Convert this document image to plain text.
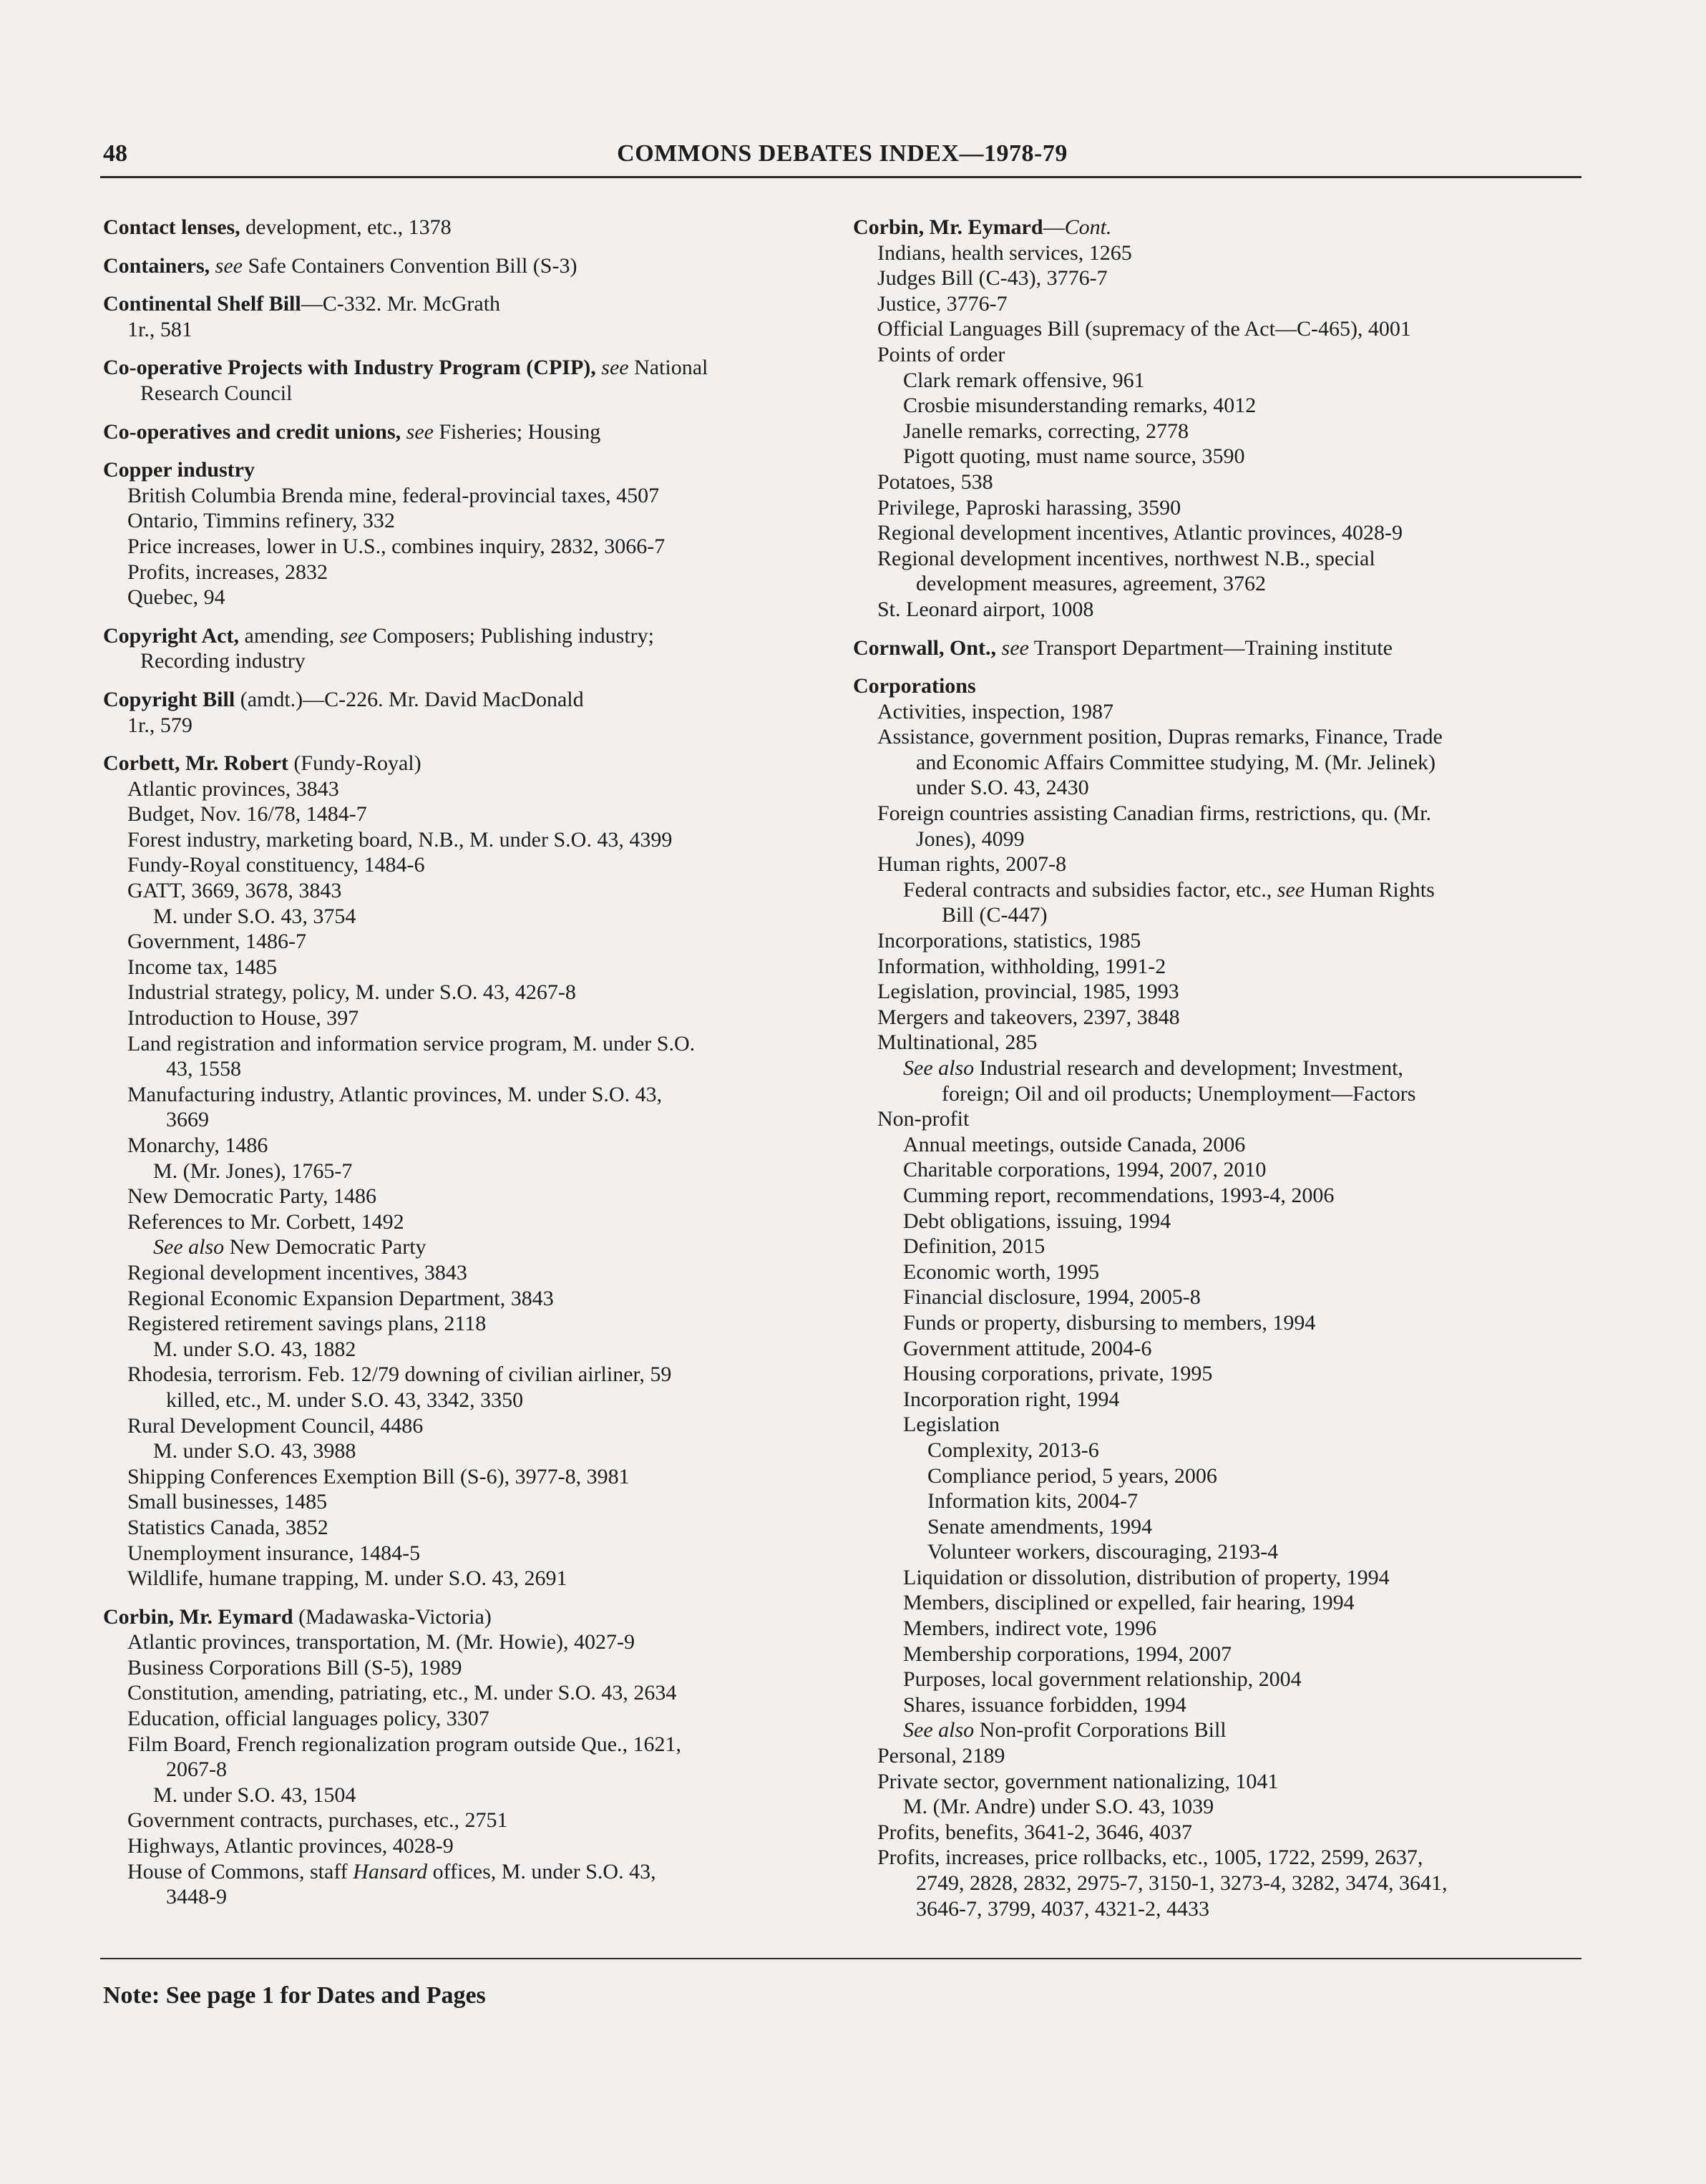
48	COMMONS DEBATES INDEX—1978-79
Contact lenses, development, etc., 1378
Containers, see Safe Containers Convention Bill (S-3)
Continental Shelf Bill—C-332. Mr. McGrath
1r., 581
Co-operative Projects with Industry Program (CPIP), see National
Research Council
Co-operatives and credit unions, see Fisheries; Housing
Copper industry
British Columbia Brenda mine, federal-provincial taxes, 4507
Ontario, Timmins refinery, 332
Price increases, lower in U.S., combines inquiry, 2832, 3066-7
Profits, increases, 2832
Quebec, 94
Copyright Act, amending, see Composers; Publishing industry;
Recording industry
Copyright Bill (amdt.)—C-226. Mr. David MacDonald
1r., 579
Corbett, Mr. Robert (Fundy-Royal)
Atlantic provinces, 3843
Budget, Nov. 16/78, 1484-7
Forest industry, marketing board, N.B., M. under S.O. 43, 4399
Fundy-Royal constituency, 1484-6
GATT, 3669, 3678, 3843
M. under S.O. 43, 3754
Government, 1486-7
Income tax, 1485
Industrial strategy, policy, M. under S.O. 43, 4267-8
Introduction to House, 397
Land registration and information service program, M. under S.O.
43, 1558
Manufacturing industry, Atlantic provinces, M. under S.O. 43,
3669
Monarchy, 1486
M. (Mr. Jones), 1765-7
New Democratic Party, 1486
References to Mr. Corbett, 1492
See also New Democratic Party
Regional development incentives, 3843
Regional Economic Expansion Department, 3843
Registered retirement savings plans, 2118
M. under S.O. 43, 1882
Rhodesia, terrorism. Feb. 12/79 downing of civilian airliner, 59
killed, etc., M. under S.O. 43, 3342, 3350
Rural Development Council, 4486
M. under S.O. 43, 3988
Shipping Conferences Exemption Bill (S-6), 3977-8, 3981
Small businesses, 1485
Statistics Canada, 3852
Unemployment insurance, 1484-5
Wildlife, humane trapping, M. under S.O. 43, 2691
Corbin, Mr. Eymard (Madawaska-Victoria)
Atlantic provinces, transportation, M. (Mr. Howie), 4027-9
Business Corporations Bill (S-5), 1989
Constitution, amending, patriating, etc., M. under S.O. 43, 2634
Education, official languages policy, 3307
Film Board, French regionalization program outside Que., 1621,
2067-8
M. under S.O. 43, 1504
Government contracts, purchases, etc., 2751
Highways, Atlantic provinces, 4028-9
House of Commons, staff Hansard offices, M. under S.O. 43,
3448-9
Corbin, Mr. Eymard—Cont.
Indians, health services, 1265
Judges Bill (C-43), 3776-7
Justice, 3776-7
Official Languages Bill (supremacy of the Act—C-465), 4001
Points of order
Clark remark offensive, 961
Crosbie misunderstanding remarks, 4012
Janelle remarks, correcting, 2778
Pigott quoting, must name source, 3590
Potatoes, 538
Privilege, Paproski harassing, 3590
Regional development incentives, Atlantic provinces, 4028-9
Regional development incentives, northwest N.B., special
development measures, agreement, 3762
St. Leonard airport, 1008
Cornwall, Ont., see Transport Department—Training institute
Corporations
Activities, inspection, 1987
Assistance, government position, Dupras remarks, Finance, Trade
and Economic Affairs Committee studying, M. (Mr. Jelinek)
under S.O. 43, 2430
Foreign countries assisting Canadian firms, restrictions, qu. (Mr.
Jones), 4099
Human rights, 2007-8
Federal contracts and subsidies factor, etc., see Human Rights
Bill (C-447)
Incorporations, statistics, 1985
Information, withholding, 1991-2
Legislation, provincial, 1985, 1993
Mergers and takeovers, 2397, 3848
Multinational, 285
See also Industrial research and development; Investment,
foreign; Oil and oil products; Unemployment—Factors
Non-profit
Annual meetings, outside Canada, 2006
Charitable corporations, 1994, 2007, 2010
Cumming report, recommendations, 1993-4, 2006
Debt obligations, issuing, 1994
Definition, 2015
Economic worth, 1995
Financial disclosure, 1994, 2005-8
Funds or property, disbursing to members, 1994
Government attitude, 2004-6
Housing corporations, private, 1995
Incorporation right, 1994
Legislation
Complexity, 2013-6
Compliance period, 5 years, 2006
Information kits, 2004-7
Senate amendments, 1994
Volunteer workers, discouraging, 2193-4
Liquidation or dissolution, distribution of property, 1994
Members, disciplined or expelled, fair hearing, 1994
Members, indirect vote, 1996
Membership corporations, 1994, 2007
Purposes, local government relationship, 2004
Shares, issuance forbidden, 1994
See also Non-profit Corporations Bill
Personal, 2189
Private sector, government nationalizing, 1041
M. (Mr. Andre) under S.O. 43, 1039
Profits, benefits, 3641-2, 3646, 4037
Profits, increases, price rollbacks, etc., 1005, 1722, 2599, 2637,
2749, 2828, 2832, 2975-7, 3150-1, 3273-4, 3282, 3474, 3641,
3646-7, 3799, 4037, 4321-2, 4433
Note: See page 1 for Dates and Pages
